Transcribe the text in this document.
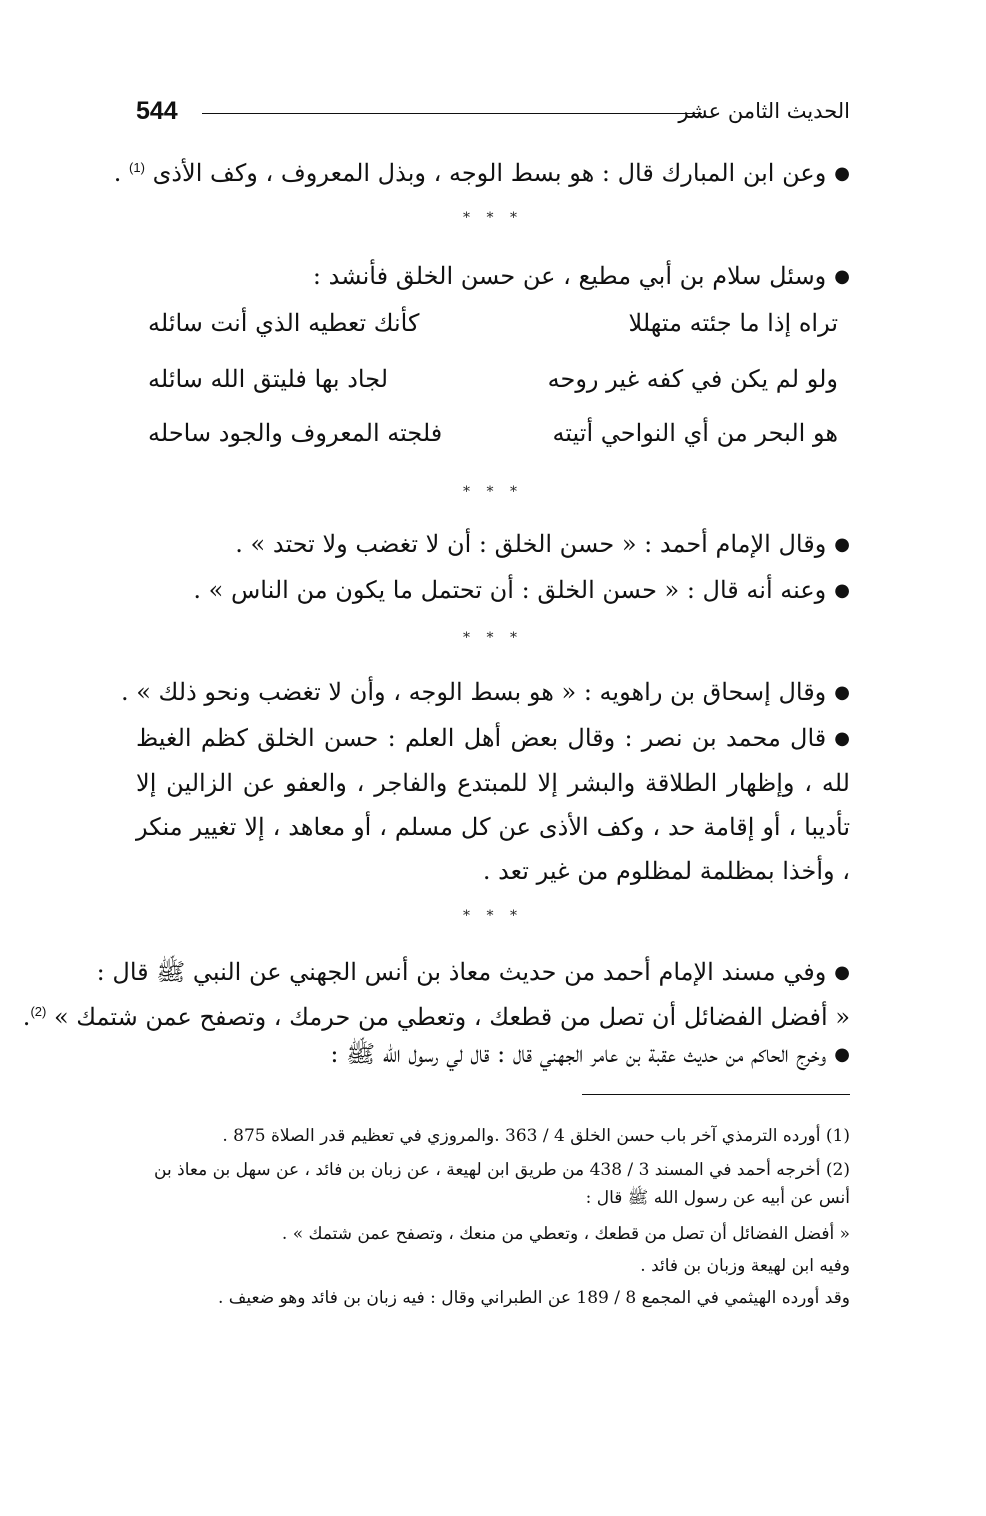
544	الحديث الثامن عشر
●وعن ابن المبارك قال : هو بسط الوجه ، وبذل المعروف ، وكف الأذى $^{(1)}$ .
* * *
●وسئل سلام بن أبي مطيع ، عن حسن الخلق فأنشد :
تراه إذا ما جئته متهللا
كأنك تعطيه الذي أنت سائله
ولو لم يكن في كفه غير روحه
لجاد بها فليتق الله سائله
هو البحر من أي النواحي أتيته
فلجته المعروف والجود ساحله
* * *
●وقال الإمام أحمد : « حسن الخلق : أن لا تغضب ولا تحتد » .
●وعنه أنه قال : « حسن الخلق : أن تحتمل ما يكون من الناس » .
* * *
●وقال إسحاق بن راهويه : « هو بسط الوجه ، وأن لا تغضب ونحو ذلك » .
●قال محمد بن نصر : وقال بعض أهل العلم : حسن الخلق كظم الغيظ لله ، وإظهار الطلاقة والبشر إلا للمبتدع والفاجر ، والعفو عن الزالين إلا تأديبا ، أو إقامة حد ، وكف الأذى عن كل مسلم ، أو معاهد ، إلا تغيير منكر ، وأخذا بمظلمة لمظلوم من غير تعد .
* * *
●وفي مسند الإمام أحمد من حديث معاذ بن أنس الجهني عن النبي ﷺ قال :
« أفضل الفضائل أن تصل من قطعك ، وتعطي من حرمك ، وتصفح عمن شتمك » $^{(2)}$.
●وخرج الحاكم من حديث عقبة بن عامر الجهني قال : قال لي رسول الله ﷺ :
(1) أورده الترمذي آخر باب حسن الخلق 4 / 363 .والمروزي في تعظيم قدر الصلاة 875 .
(2) أخرجه أحمد في المسند 3 / 438 من طريق ابن لهيعة ، عن زبان بن فائد ، عن سهل بن معاذ بن أنس عن أبيه عن رسول الله ﷺ قال :
« أفضل الفضائل أن تصل من قطعك ، وتعطي من منعك ، وتصفح عمن شتمك » .
وفيه ابن لهيعة وزبان بن فائد .
وقد أورده الهيثمي في المجمع 8 / 189 عن الطبراني وقال : فيه زبان بن فائد وهو ضعيف .
